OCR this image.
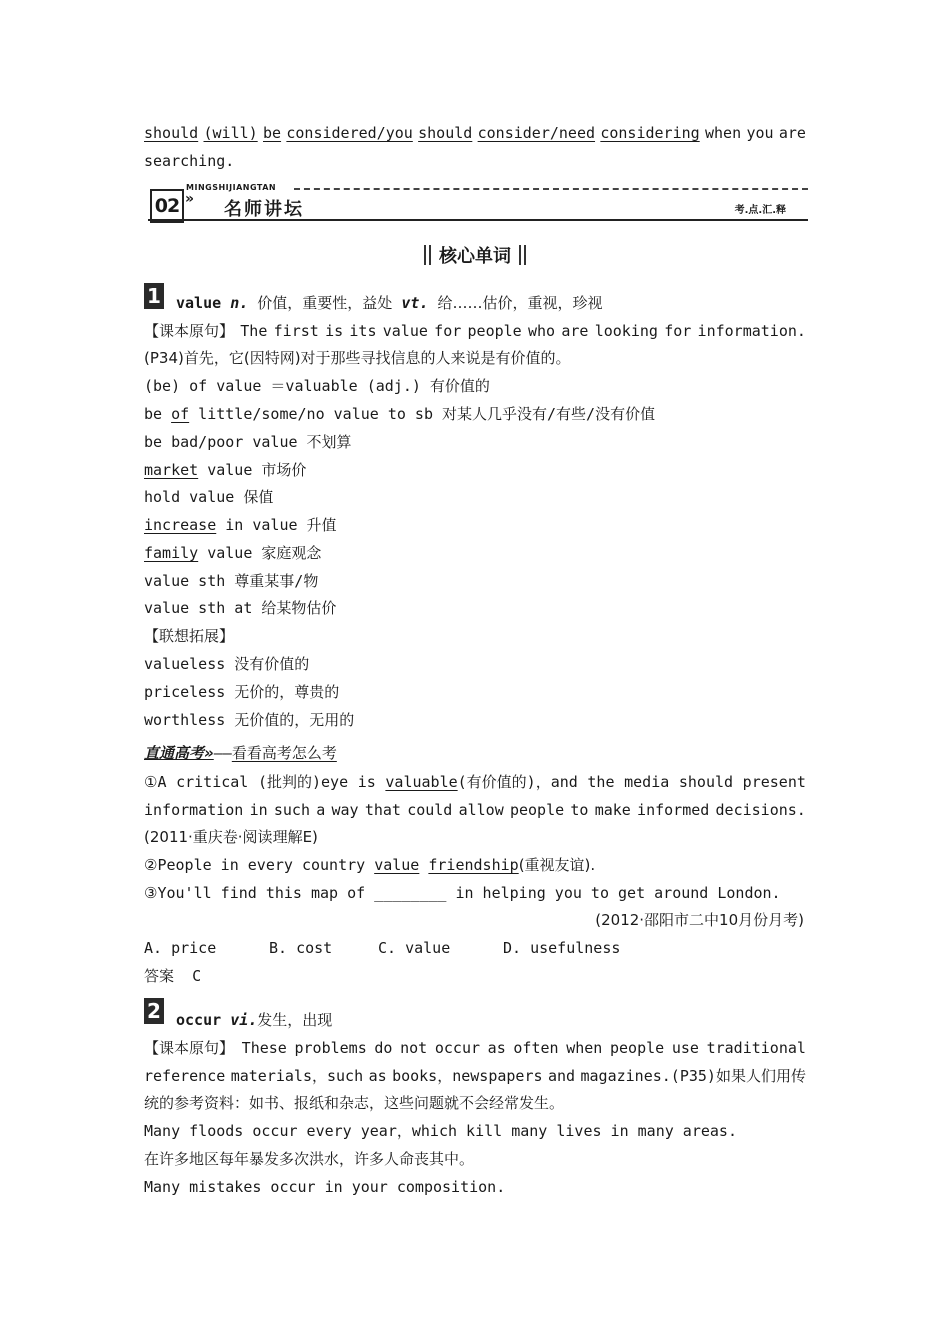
should (will) be considered/you should consider/need considering when you are
searching.
02
MINGSHIJIANGTAN
» 名师讲坛	考.点.汇.释
核心单词
1 value n. 价值，重要性，益处 vt. 给……估价，重视，珍视
【课本原句】 The first is its value for people who are looking for information.
(P34)首先，它(因特网)对于那些寻找信息的人来说是有价值的。
(be) of value ＝valuable (adj.) 有价值的
be of little/some/no value to sb 对某人几乎没有/有些/没有价值
be bad/poor value 不划算
market value 市场价
hold value 保值
increase in value 升值
family value 家庭观念
value sth 尊重某事/物
value sth at 给某物估价
【联想拓展】
valueless 没有价值的
priceless 无价的，尊贵的
worthless 无价值的，无用的
直通高考»——看看高考怎么考
①A critical (批判的)eye is valuable(有价值的)，and the media should present
information in such a way that could allow people to make informed decisions.
(2011·重庆卷·阅读理解E)
②People in every country value friendship(重视友谊).
③You'll find this map of ________ in helping you to get around London.
(2012·邵阳市二中10月份月考)
A. price	B. cost	C. value	D. usefulness
答案 C
2 occur vi.发生，出现
【课本原句】 These problems do not occur as often when people use traditional
reference materials，such as books，newspapers and magazines.(P35)如果人们用传
统的参考资料：如书、报纸和杂志，这些问题就不会经常发生。
Many floods occur every year，which kill many lives in many areas.
在许多地区每年暴发多次洪水，许多人命丧其中。
Many mistakes occur in your composition.
